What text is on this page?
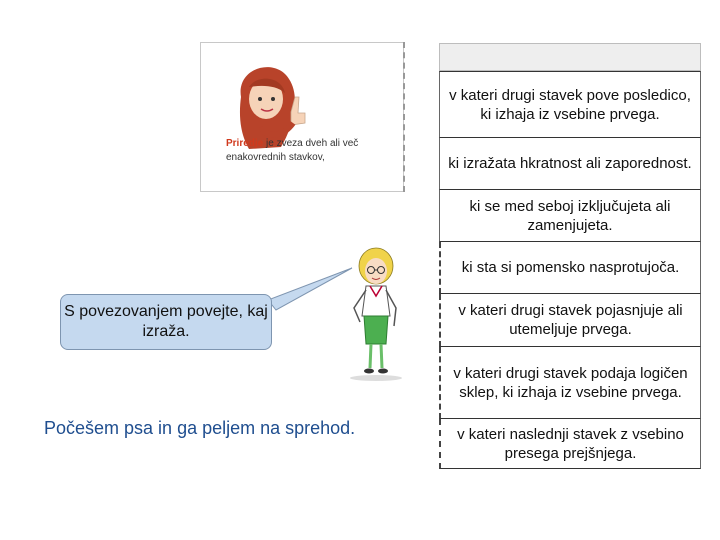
Priredje je zveza dveh ali več
enakovrednih stavkov,
v kateri drugi stavek pove posledico, ki izhaja iz vsebine prvega.
ki izražata hkratnost ali zaporednost.
ki se med seboj izključujeta ali zamenjujeta.
ki sta si pomensko nasprotujoča.
v kateri drugi stavek pojasnjuje ali utemeljuje prvega.
v kateri drugi stavek podaja logičen sklep, ki izhaja iz vsebine prvega.
v kateri naslednji stavek z vsebino presega prejšnjega.
S povezovanjem povejte, kaj izraža.
Počešem psa in ga peljem na sprehod.
